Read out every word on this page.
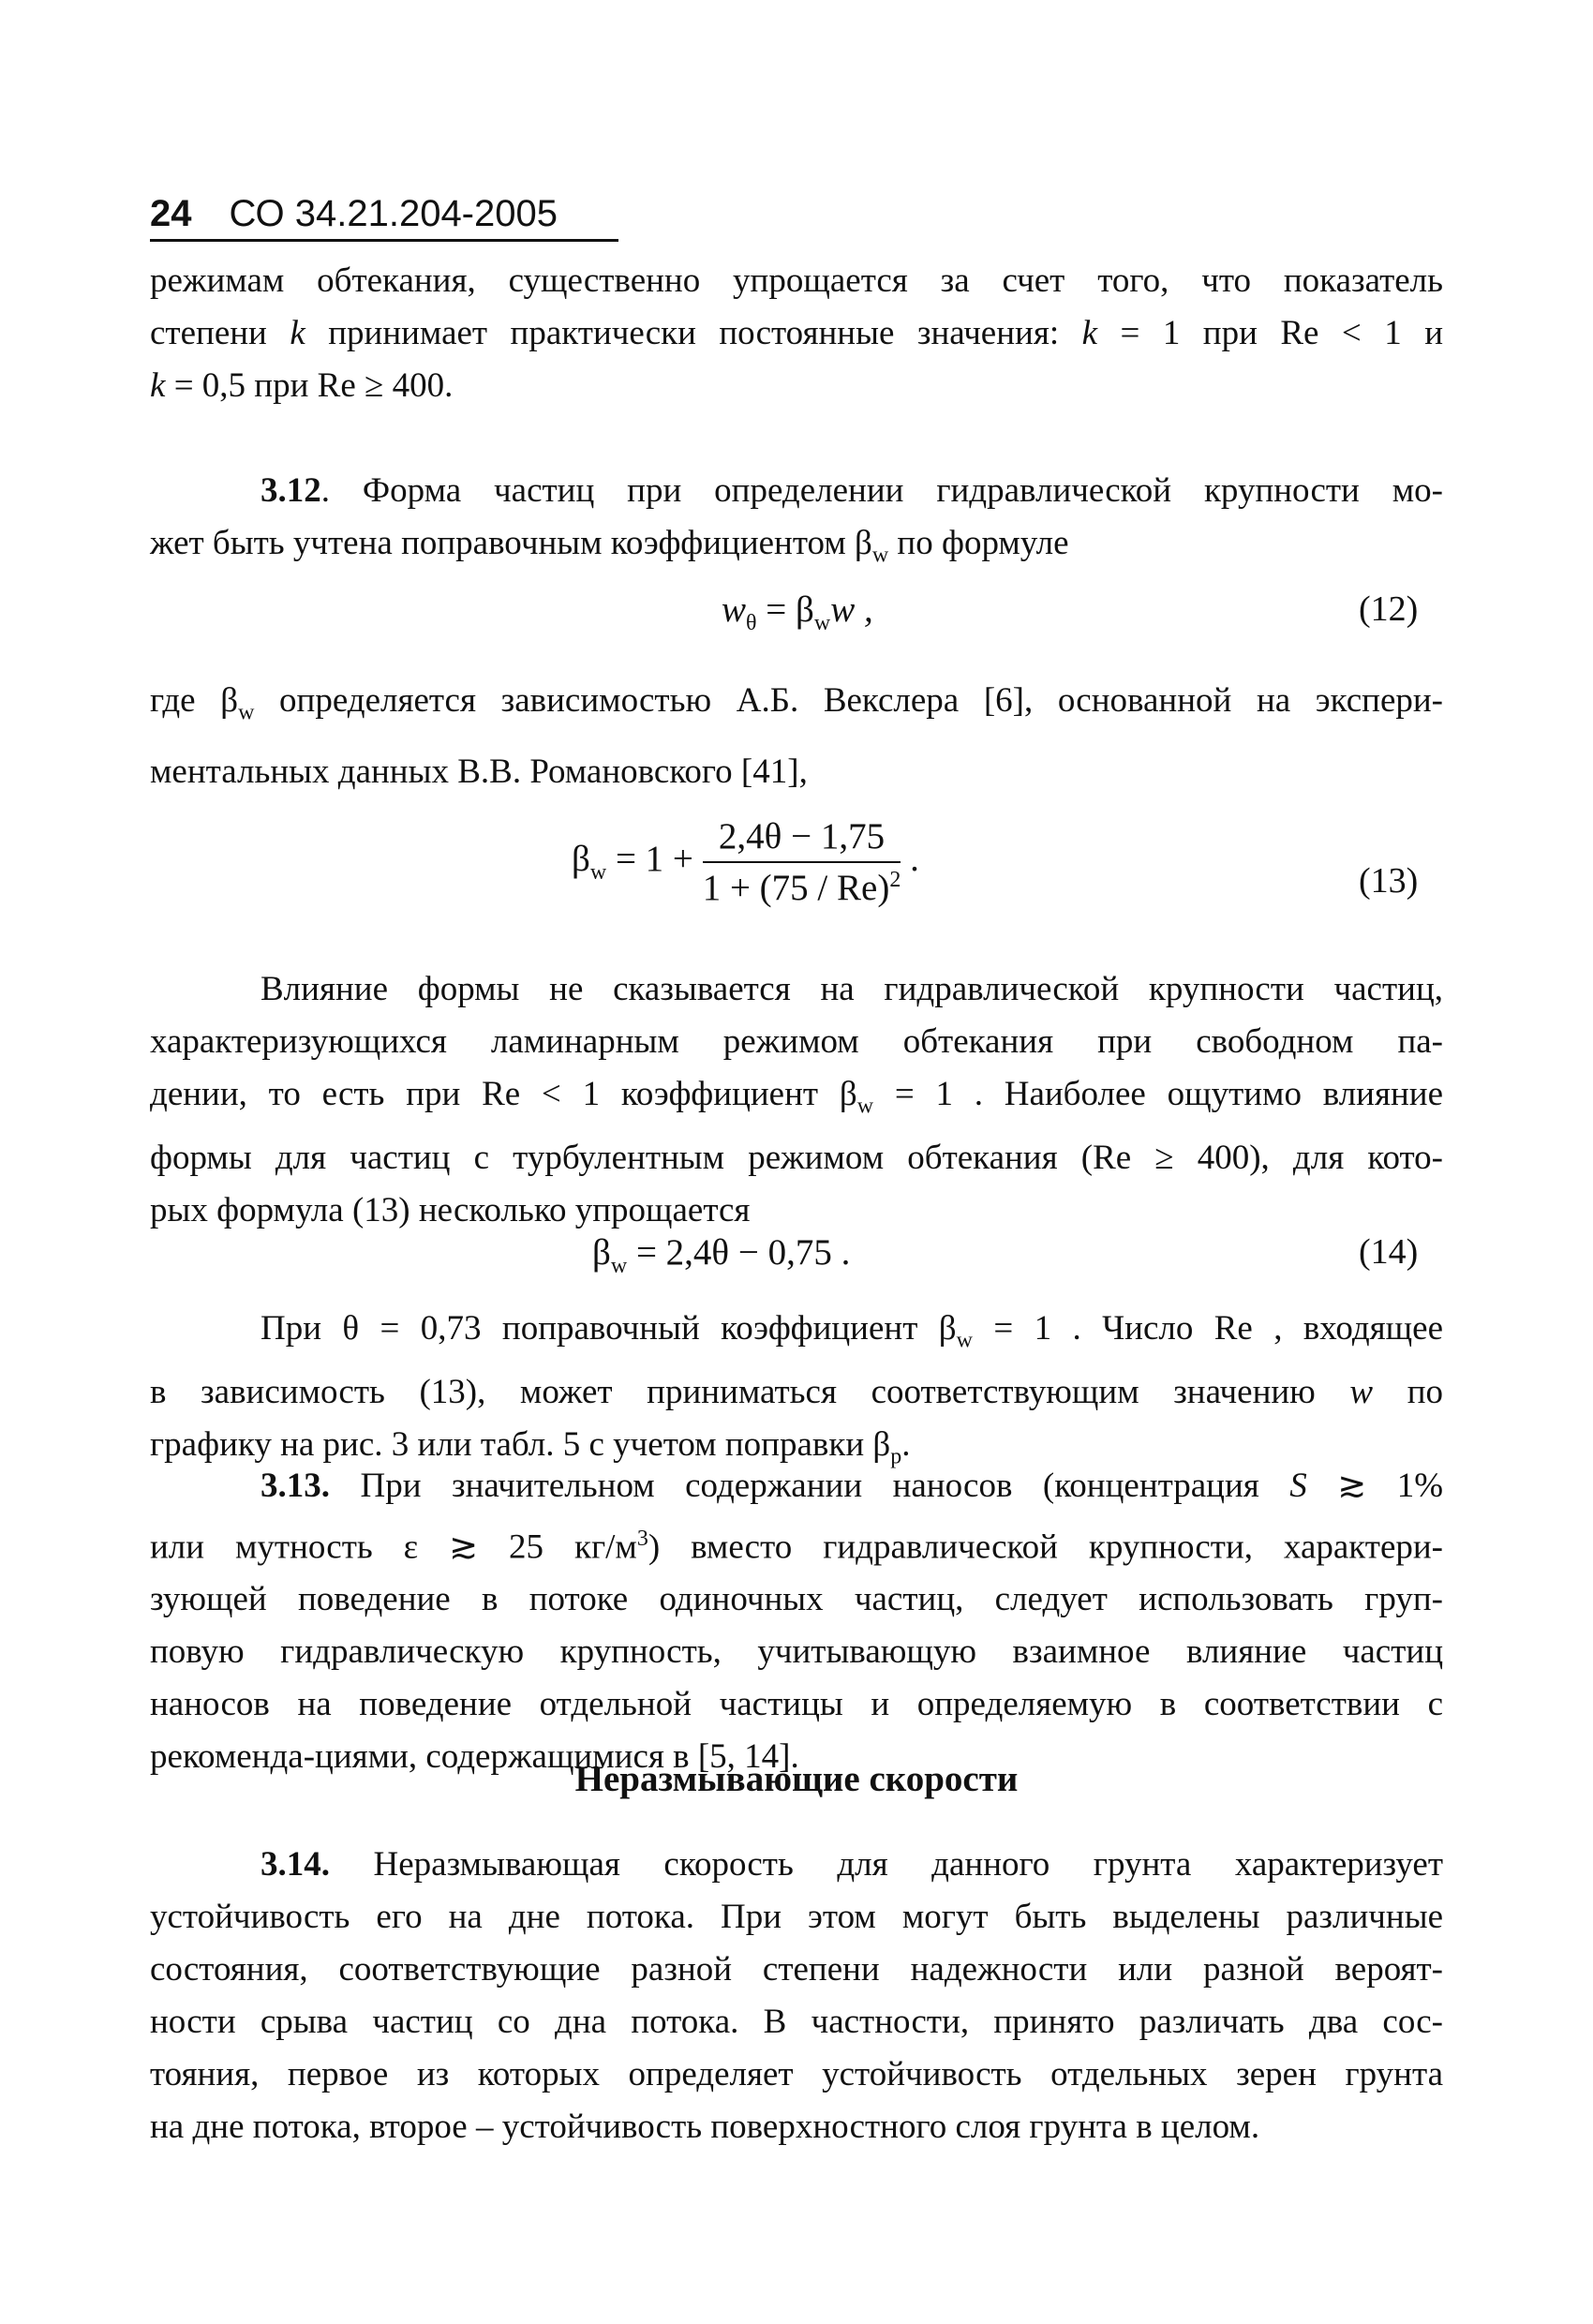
24 СО 34.21.204-2005
режимам обтекания, существенно упрощается за счет того, что показатель
степени k принимает практически постоянные значения: k = 1 при Re < 1 и
k = 0,5 при Re ≥ 400.
3.12. Форма частиц при определении гидравлической крупности мо-
жет быть учтена поправочным коэффициентом $\beta_w$ по формуле
$w_\theta = \beta_ww$ ,	(12)
где $\beta_w$ определяется зависимостью А.Б. Векслера [6], основанной на экспери-
ментальных данных В.В. Романовского [41],
$\beta_w = 1 + \frac{2,4\theta - 1,75}{1 + (75 / Re)^2}$ .
(13)
Влияние формы не сказывается на гидравлической крупности частиц,
характеризующихся ламинарным режимом обтекания при свободном па-
дении, то есть при Re < 1 коэффициент $\beta_w = 1$ . Наиболее ощутимо влияние
формы для частиц с турбулентным режимом обтекания (Re ≥ 400), для кото-
рых формула (13) несколько упрощается
$\beta_w = 2,4\theta - 0,75$ .	(14)
При θ = 0,73 поправочный коэффициент $\beta_w = 1$ . Число Re , входящее
в зависимость (13), может приниматься соответствующим значению w по
графику на рис. 3 или табл. 5 с учетом поправки $\beta_р$.
3.13. При значительном содержании наносов (концентрация S ≳ 1%
или мутность ε ≳ 25 $кг/м^3$) вместо гидравлической крупности, характери-
зующей поведение в потоке одиночных частиц, следует использовать груп-
повую гидравлическую крупность, учитывающую взаимное влияние частиц
наносов на поведение отдельной частицы и определяемую в соответствии с
рекоменда-циями, содержащимися в [5, 14].
Неразмывающие скорости
3.14. Неразмывающая скорость для данного грунта характеризует
устойчивость его на дне потока. При этом могут быть выделены различные
состояния, соответствующие разной степени надежности или разной вероят-
ности срыва частиц со дна потока. В частности, принято различать два сос-
тояния, первое из которых определяет устойчивость отдельных зерен грунта
на дне потока, второе – устойчивость поверхностного слоя грунта в целом.
